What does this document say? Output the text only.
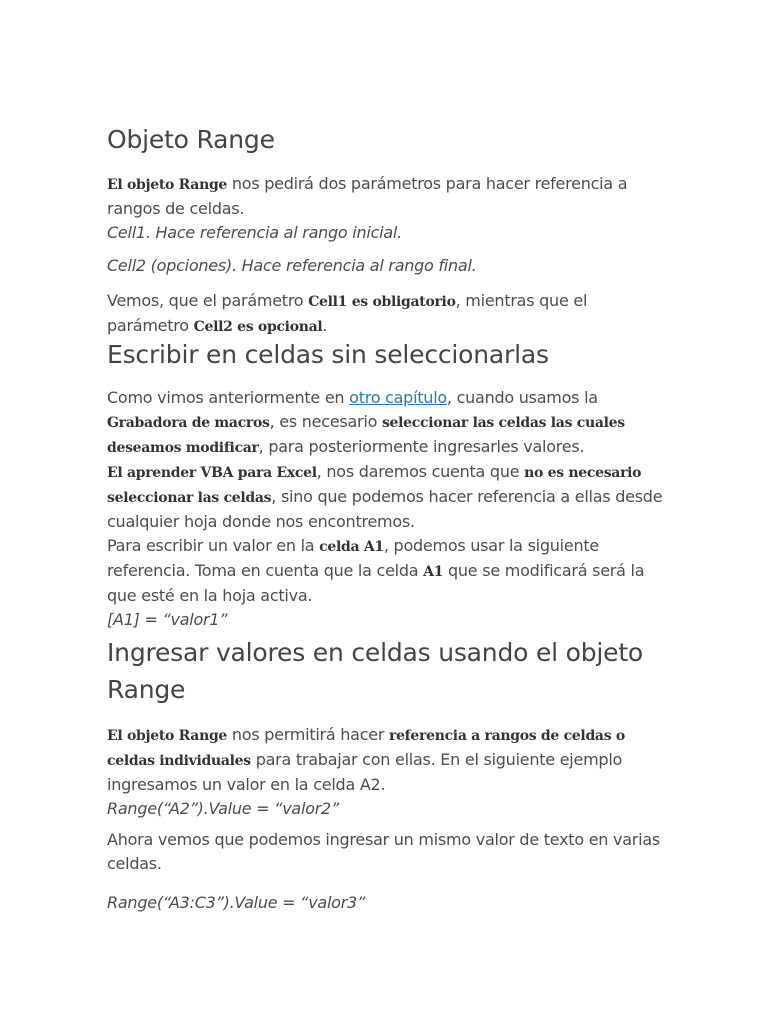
Objeto Range

El objeto Range nos pedirá dos parámetros para hacer referencia a rangos de celdas.
Cell1. Hace referencia al rango inicial.

Cell2 (opciones). Hace referencia al rango final.

Vemos, que el parámetro Cell1 es obligatorio, mientras que el parámetro Cell2 es opcional.

Escribir en celdas sin seleccionarlas

Como vimos anteriormente en otro capítulo, cuando usamos la Grabadora de macros, es necesario seleccionar las celdas las cuales deseamos modificar, para posteriormente ingresarles valores.
El aprender VBA para Excel, nos daremos cuenta que no es necesario seleccionar las celdas, sino que podemos hacer referencia a ellas desde cualquier hoja donde nos encontremos.
Para escribir un valor en la celda A1, podemos usar la siguiente referencia. Toma en cuenta que la celda A1 que se modificará será la que esté en la hoja activa.
[A1] = “valor1”

Ingresar valores en celdas usando el objeto Range

El objeto Range nos permitirá hacer referencia a rangos de celdas o celdas individuales para trabajar con ellas. En el siguiente ejemplo ingresamos un valor en la celda A2.
Range(“A2”).Value = “valor2”

Ahora vemos que podemos ingresar un mismo valor de texto en varias celdas.

Range(“A3:C3”).Value = “valor3”
